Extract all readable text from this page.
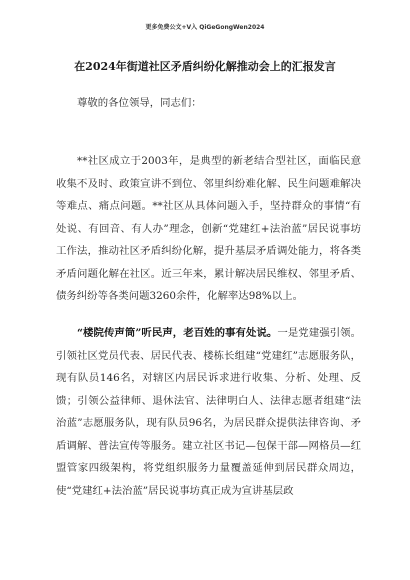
更多免费公文+V入 QiGeGongWen2024
在2024年街道社区矛盾纠纷化解推动会上的汇报发言
尊敬的各位领导，同志们：
**社区成立于2003年，是典型的新老结合型社区，面临民意收集不及时、政策宣讲不到位、邻里纠纷难化解、民生问题难解决等难点、痛点问题。**社区从具体问题入手，坚持群众的事情“有处说、有回音、有人办”理念，创新“党建红+法治蓝”居民说事坊工作法，推动社区矛盾纠纷化解，提升基层矛盾调处能力，将各类矛盾问题化解在社区。近三年来，累计解决居民维权、邻里矛盾、债务纠纷等各类问题3260余件，化解率达98%以上。
“楼院传声筒”听民声，老百姓的事有处说。一是党建强引领。引领社区党员代表、居民代表、楼栋长组建“党建红”志愿服务队，现有队员146名，对辖区内居民诉求进行收集、分析、处理、反馈；引领公益律师、退休法官、法律明白人、法律志愿者组建“法治蓝”志愿服务队，现有队员96名，为居民群众提供法律咨询、矛盾调解、普法宣传等服务。建立社区书记—包保干部—网格员—红盟管家四级架构，将党组织服务力量覆盖延伸到居民群众周边，使“党建红+法治蓝”居民说事坊真正成为宣讲基层政
